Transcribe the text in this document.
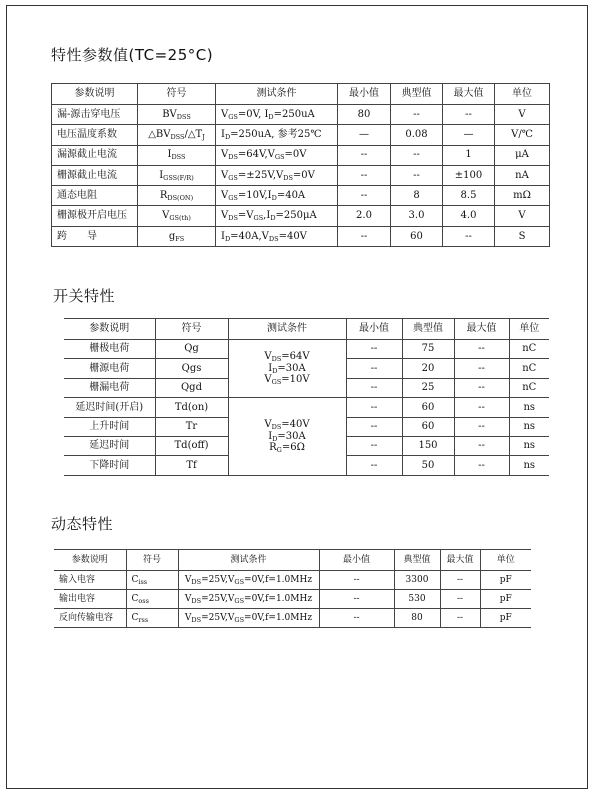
特性参数值(TC=25°C)
参数说明	符号	测试条件	最小值	典型值	最大值	单位
漏-源击穿电压	$BV_{DSS}$	$V_{GS}=0V$, $I_D=250uA$	80	--	--	V
电压温度系数	$\triangle BV_{DSS}/\triangle T_J$	$I_D=250uA$, 参考25℃	—	0.08	—	V/℃
漏源截止电流	$I_{DSS}$	$V_{DS}=64V,V_{GS}=0V$	--	--	1	μA
栅源截止电流	$I_{GSS(F/R)}$	$V_{GS}=\pm 25V,V_{DS}=0V$	--	--	±100	nA
通态电阻	$R_{DS(ON)}$	$V_{GS}=10V,I_D=40A$	--	8	8.5	mΩ
栅源极开启电压	$V_{GS(th)}$	$V_{DS}=V_{GS},I_D=250\mu A$	2.0	3.0	4.0	V
跨　　导	$g_{FS}$	$I_D=40A,V_{DS}=40V$	--	60	--	S
开关特性
参数说明	符号	测试条件	最小值	典型值	最大值	单位
栅极电荷	Qg	$V_{DS}=64V$
$I_D=30A$
$V_{GS}=10V$	--	75	--	nC
栅源电荷	Qgs		--	20	--	nC
栅漏电荷	Qgd		--	25	--	nC
延迟时间(开启)	Td(on)	$V_{DS}=40V$
$I_D=30A$
$R_G=6\Omega$	--	60	--	ns
上升时间	Tr		--	60	--	ns
延迟时间	Td(off)		--	150	--	ns
下降时间	Tf		--	50	--	ns
动态特性
参数说明	符号	测试条件	最小值	典型值	最大值	单位
输入电容	$C_{iss}$	$V_{DS}=25V,V_{GS}=0V,f=1.0MHz$	--	3300	--	pF
输出电容	$C_{oss}$	$V_{DS}=25V,V_{GS}=0V,f=1.0MHz$	--	530	--	pF
反向传输电容	$C_{rss}$	$V_{DS}=25V,V_{GS}=0V,f=1.0MHz$	--	80	--	pF
